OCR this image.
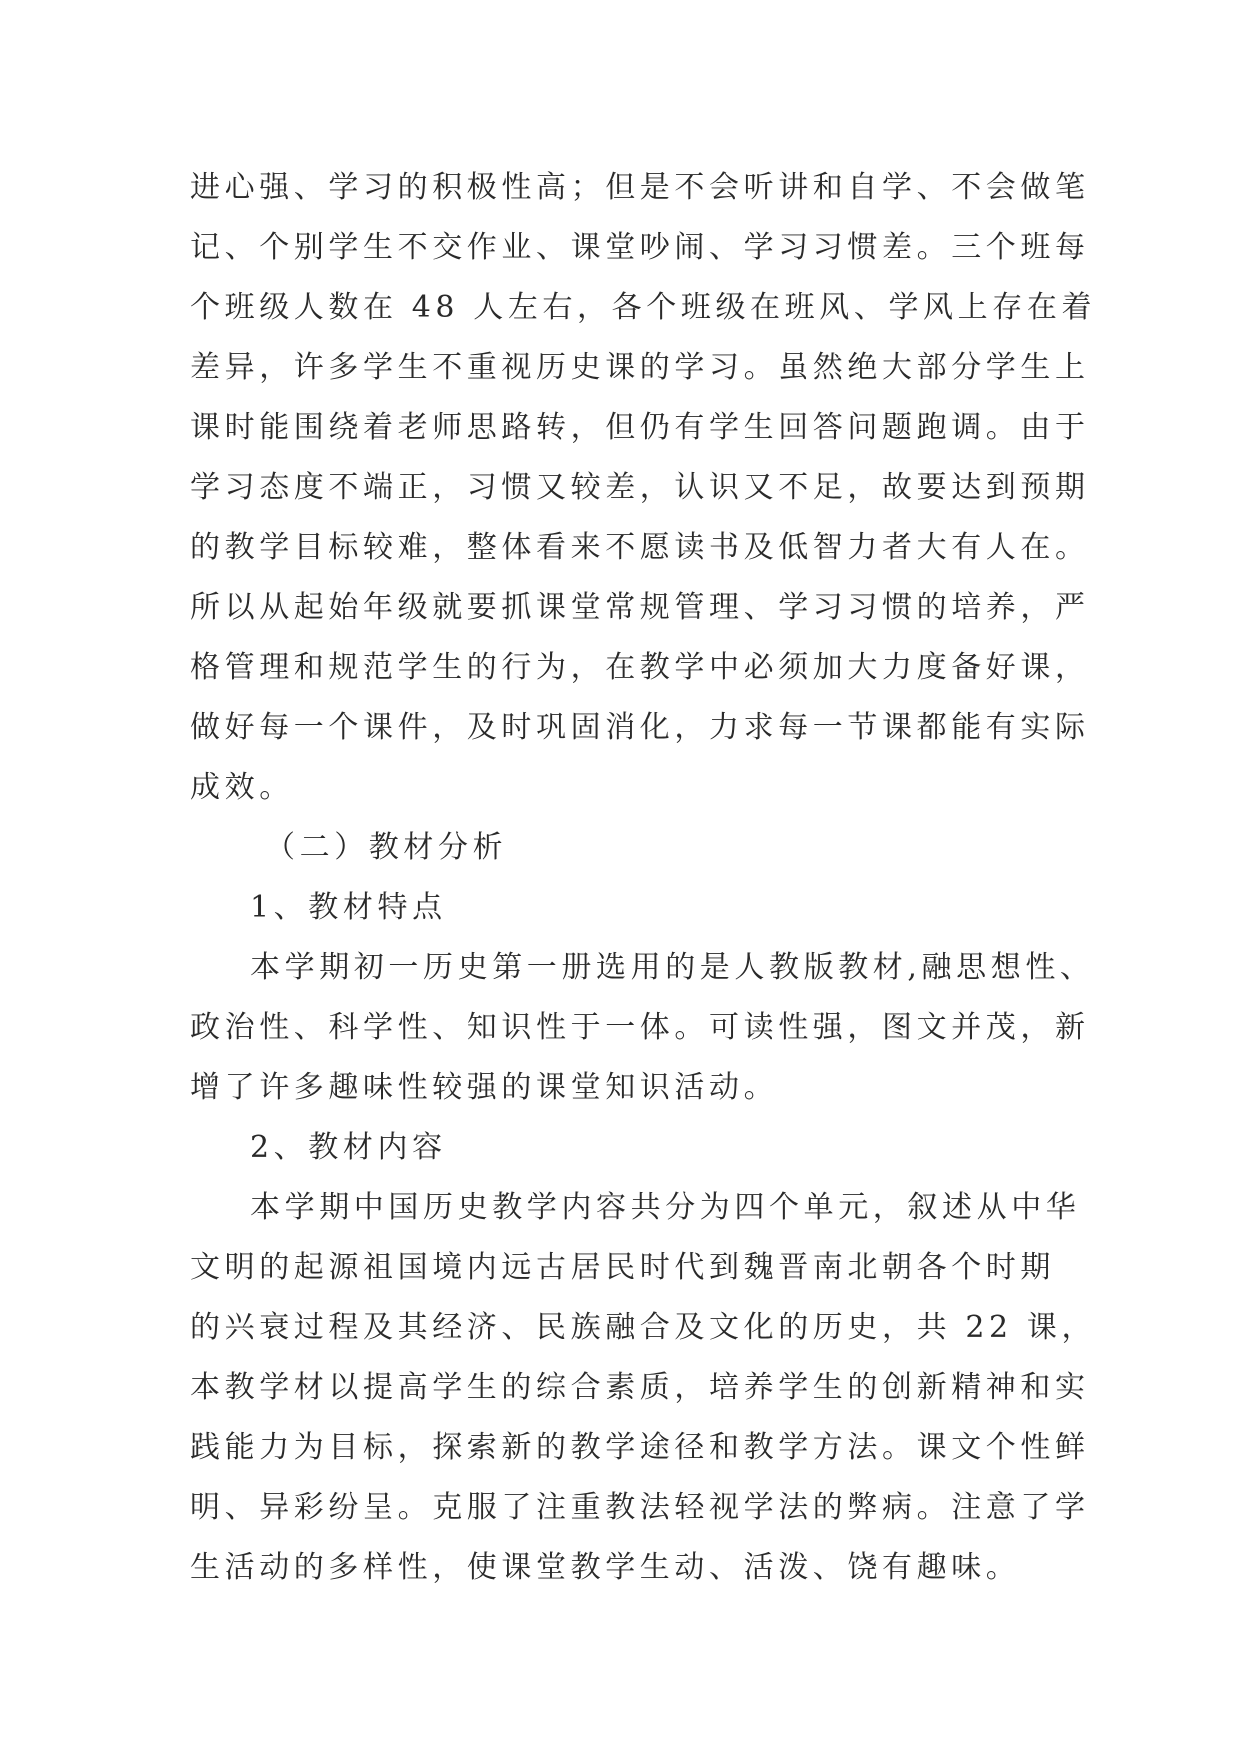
进心强、学习的积极性高；但是不会听讲和自学、不会做笔
记、个别学生不交作业、课堂吵闹、学习习惯差。三个班每
个班级人数在 48 人左右，各个班级在班风、学风上存在着
差异，许多学生不重视历史课的学习。虽然绝大部分学生上
课时能围绕着老师思路转，但仍有学生回答问题跑调。由于
学习态度不端正，习惯又较差，认识又不足，故要达到预期
的教学目标较难，整体看来不愿读书及低智力者大有人在。
所以从起始年级就要抓课堂常规管理、学习习惯的培养，严
格管理和规范学生的行为，在教学中必须加大力度备好课，
做好每一个课件，及时巩固消化，力求每一节课都能有实际
成效。
（二）教材分析
1、教材特点
本学期初一历史第一册选用的是人教版教材,融思想性、
政治性、科学性、知识性于一体。可读性强，图文并茂，新
增了许多趣味性较强的课堂知识活动。
2、教材内容
本学期中国历史教学内容共分为四个单元，叙述从中华
文明的起源祖国境内远古居民时代到魏晋南北朝各个时期
的兴衰过程及其经济、民族融合及文化的历史，共 22 课，
本教学材以提高学生的综合素质，培养学生的创新精神和实
践能力为目标，探索新的教学途径和教学方法。课文个性鲜
明、异彩纷呈。克服了注重教法轻视学法的弊病。注意了学
生活动的多样性，使课堂教学生动、活泼、饶有趣味。
